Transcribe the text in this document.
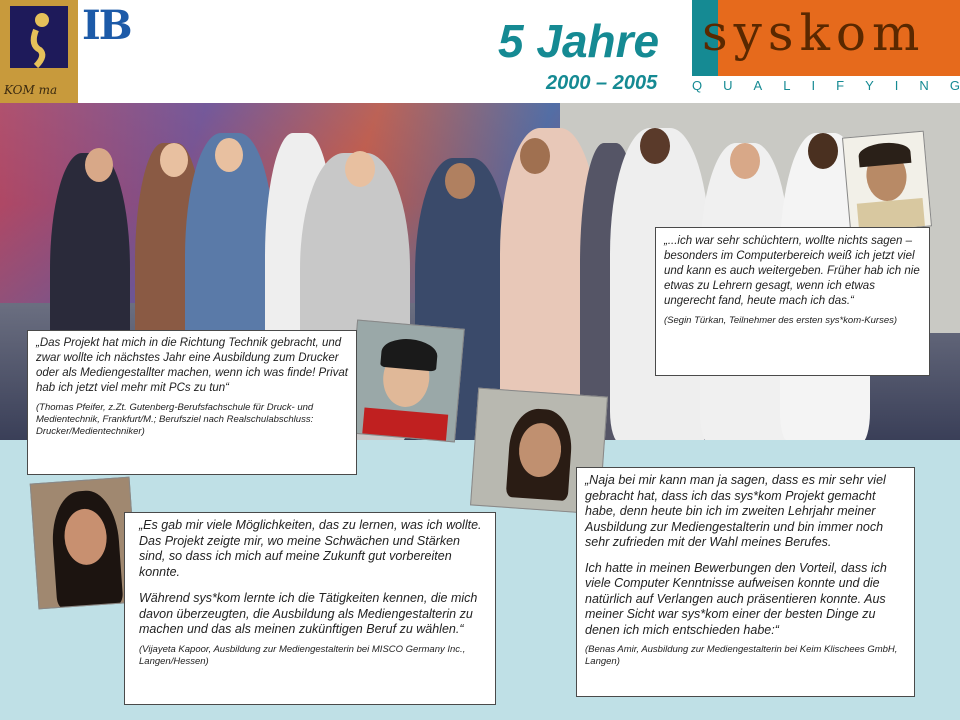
KOM ma
IB	5 Jahre
2000 – 2005
syskom
Q U A L I F Y I N G

„...ich war sehr schüchtern, wollte nichts sagen – besonders im Computerbereich weiß ich jetzt viel und kann es auch weitergeben. Früher hab ich nie etwas zu Lehrern gesagt, wenn ich etwas ungerecht fand, heute mach ich das.“

(Segin Türkan, Teilnehmer des ersten sys*kom-Kurses)

„Das Projekt hat mich in die Richtung Technik gebracht, und zwar wollte ich nächstes Jahr eine Ausbildung zum Drucker oder als Mediengestallter machen, wenn ich was finde! Privat hab ich jetzt viel mehr mit PCs zu tun“

(Thomas Pfeifer, z.Zt. Gutenberg-Berufsfachschule für Druck- und Medientechnik, Frankfurt/M.; Berufsziel nach Realschulabschluss: Drucker/Medientechniker)

„Es gab mir viele Möglichkeiten, das zu lernen, was ich wollte. Das Projekt zeigte mir, wo meine Schwächen und Stärken sind, so dass ich mich auf meine Zukunft gut vorbereiten konnte.

Während sys*kom lernte ich die Tätigkeiten kennen, die mich davon überzeugten, die Ausbildung als Mediengestalterin zu machen und das als meinen zukünftigen Beruf zu wählen.“

(Vijayeta Kapoor, Ausbildung zur Mediengestalterin bei MISCO Germany Inc., Langen/Hessen)

„Naja bei mir kann man ja sagen, dass es mir sehr viel gebracht hat, dass ich das sys*kom Projekt gemacht habe, denn heute bin ich im zweiten Lehrjahr meiner Ausbildung zur Mediengestalterin und bin immer noch sehr zufrieden mit der Wahl meines Berufes.

Ich hatte in meinen Bewerbungen den Vorteil, dass ich viele Computer Kenntnisse aufweisen konnte und die natürlich auf Verlangen auch präsentieren konnte. Aus meiner Sicht war sys*kom einer der besten Dinge zu denen ich mich entschieden habe:“

(Benas Amir, Ausbildung zur Mediengestalterin bei Keim Klischees GmbH, Langen)
